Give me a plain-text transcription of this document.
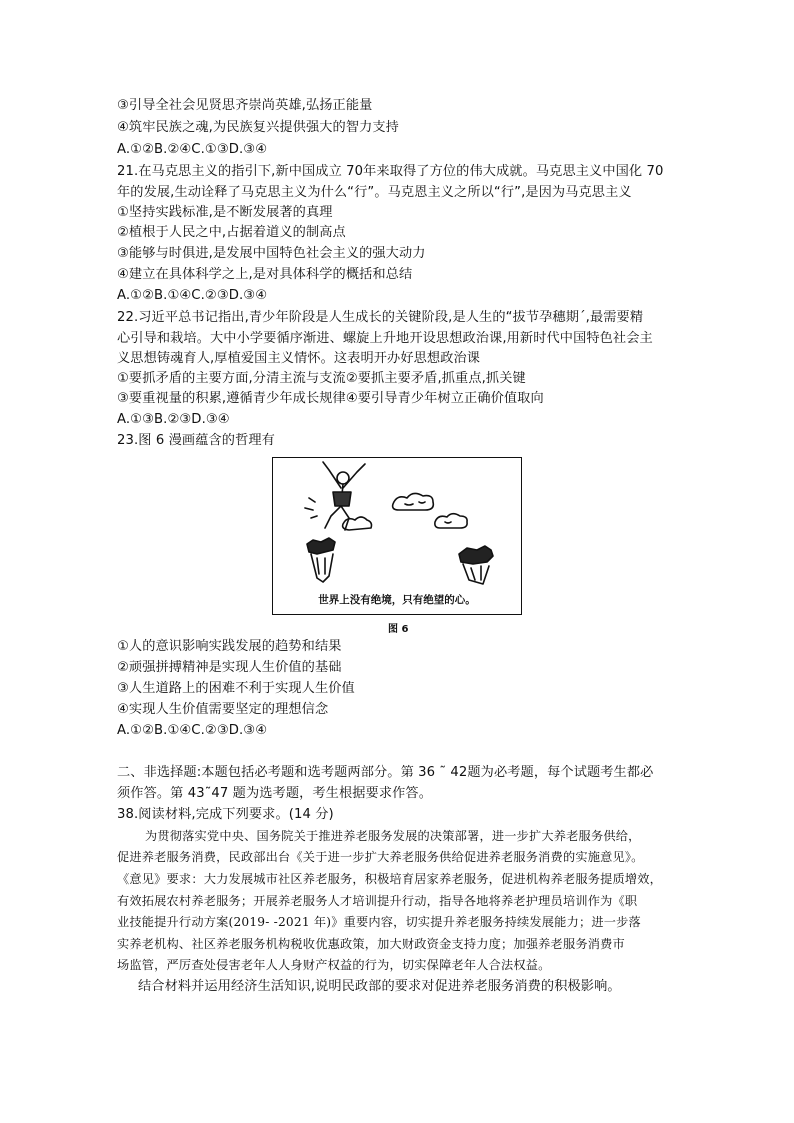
③引导全社会见贤思齐崇尚英雄,弘扬正能量
④筑牢民族之魂,为民族复兴提供强大的智力支持
A.①②B.②④C.①③D.③④
21.在马克思主义的指引下,新中国成立 70年来取得了方位的伟大成就。马克思主义中国化 70
年的发展,生动诠释了马克思主义为什么“行”。马克恩主义之所以“行”,是因为马克思主义
①坚持实践标准,是不断发展著的真理
②植根于人民之中,占据着道义的制高点
③能够与时俱进,是发展中国特色社会主义的强大动力
④建立在具体科学之上,是对具体科学的概括和总结
A.①②B.①④C.②③D.③④
22.习近平总书记指出,青少年阶段是人生成长的关键阶段,是人生的“拔节孕穗期ˊ,最需要精
心引导和栽培。大中小学要循序渐进、螺旋上升地开设思想政治课,用新时代中国特色社会主
义思想铸魂育人,厚植爱国主义情怀。这表明开办好思想政治课
①要抓矛盾的主要方面,分清主流与支流②要抓主要矛盾,抓重点,抓关键
③要重视量的积累,遵循青少年成长规律④要引导青少年树立正确价值取向
A.①③B.②③D.③④
23.图 6 漫画蕴含的哲理有
世界上没有绝境，只有绝望的心。
图 6
①人的意识影响实践发展的趋势和结果
②顽强拼搏精神是实现人生价值的基础
③人生道路上的困难不利于实现人生价值
④实现人生价值需要坚定的理想信念
A.①②B.①④C.②③D.③④
二、非选择题:本题包括必考题和选考题两部分。第 36 ˜ 42题为必考题，每个试题考生都必
须作答。第 43˜47 题为选考题，考生根据要求作答。
38.阅读材料,完成下列要求。(14 分)
为贯彻落实党中央、国务院关于推进养老服务发展的决策部署，进一步扩大养老服务供给，
促进养老服务消费，民政部出台《关于进一步扩大养老服务供给促进养老服务消费的实施意见》。
《意见》要求：大力发展城市社区养老服务，积极培育居家养老服务，促进机构养老服务提质增效，
有效拓展农村养老服务；开展养老服务人才培训提升行动，指导各地将养老护理员培训作为《职
业技能提升行动方案(2019- -2021 年)》重要内容，切实提升养老服务持续发展能力；进一步落
实养老机构、社区养老服务机构税收优惠政策，加大财政资金支持力度；加强养老服务消费市
场监管，严厉查处侵害老年人人身财产权益的行为，切实保障老年人合法权益。
结合材料并运用经济生活知识,说明民政部的要求对促进养老服务消费的积极影响。
